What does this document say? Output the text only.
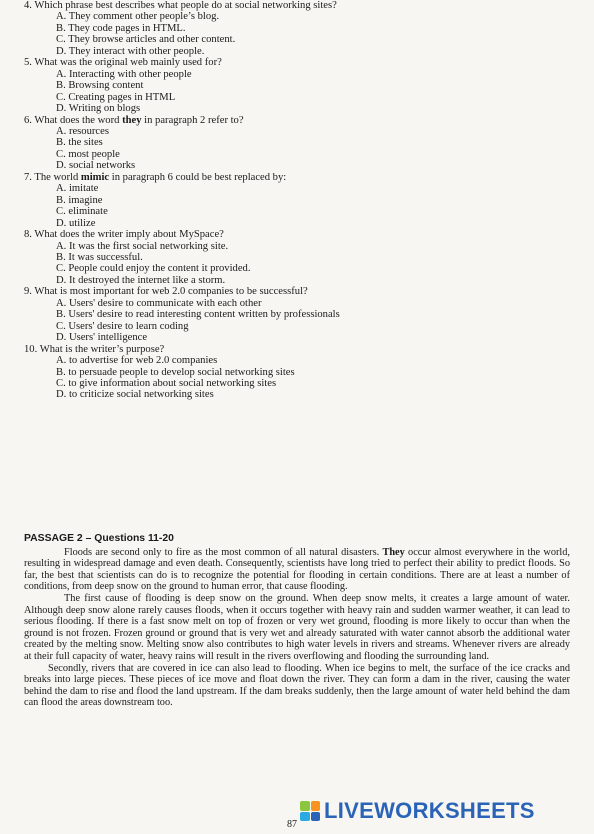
4. Which phrase best describes what people do at social networking sites?
A. They comment other people’s blog.
B. They code pages in HTML.
C. They browse articles and other content.
D. They interact with other people.
5. What was the original web mainly used for?
A. Interacting with other people
B. Browsing content
C. Creating pages in HTML
D. Writing on blogs
6. What does the word they in paragraph 2 refer to?
A. resources
B. the sites
C. most people
D. social networks
7. The world mimic in paragraph 6 could be best replaced by:
A. imitate
B. imagine
C. eliminate
D. utilize
8. What does the writer imply about MySpace?
A. It was the first social networking site.
B. It was successful.
C. People could enjoy the content it provided.
D. It destroyed the internet like a storm.
9. What is most important for web 2.0 companies to be successful?
A. Users' desire to communicate with each other
B. Users' desire to read interesting content written by professionals
C. Users' desire to learn coding
D. Users' intelligence
10. What is the writer’s purpose?
A. to advertise for web 2.0 companies
B. to persuade people to develop social networking sites
C. to give information about social networking sites
D. to criticize social networking sites
PASSAGE 2 – Questions 11-20

Floods are second only to fire as the most common of all natural disasters. They occur almost everywhere in the world, resulting in widespread damage and even death. Consequently, scientists have long tried to perfect their ability to predict floods. So far, the best that scientists can do is to recognize the potential for flooding in certain conditions. There are at least a number of conditions, from deep snow on the ground to human error, that cause flooding.

The first cause of flooding is deep snow on the ground. When deep snow melts, it creates a large amount of water. Although deep snow alone rarely causes floods, when it occurs together with heavy rain and sudden warmer weather, it can lead to serious flooding. If there is a fast snow melt on top of frozen or very wet ground, flooding is more likely to occur than when the ground is not frozen. Frozen ground or ground that is very wet and already saturated with water cannot absorb the additional water created by the melting snow. Melting snow also contributes to high water levels in rivers and streams. Whenever rivers are already at their full capacity of water, heavy rains will result in the rivers overflowing and flooding the surrounding land.

Secondly, rivers that are covered in ice can also lead to flooding. When ice begins to melt, the surface of the ice cracks and breaks into large pieces. These pieces of ice move and float down the river. They can form a dam in the river, causing the water behind the dam to rise and flood the land upstream. If the dam breaks suddenly, then the large amount of water held behind the dam can flood the areas downstream too.

LIVEWORKSHEETS
87
